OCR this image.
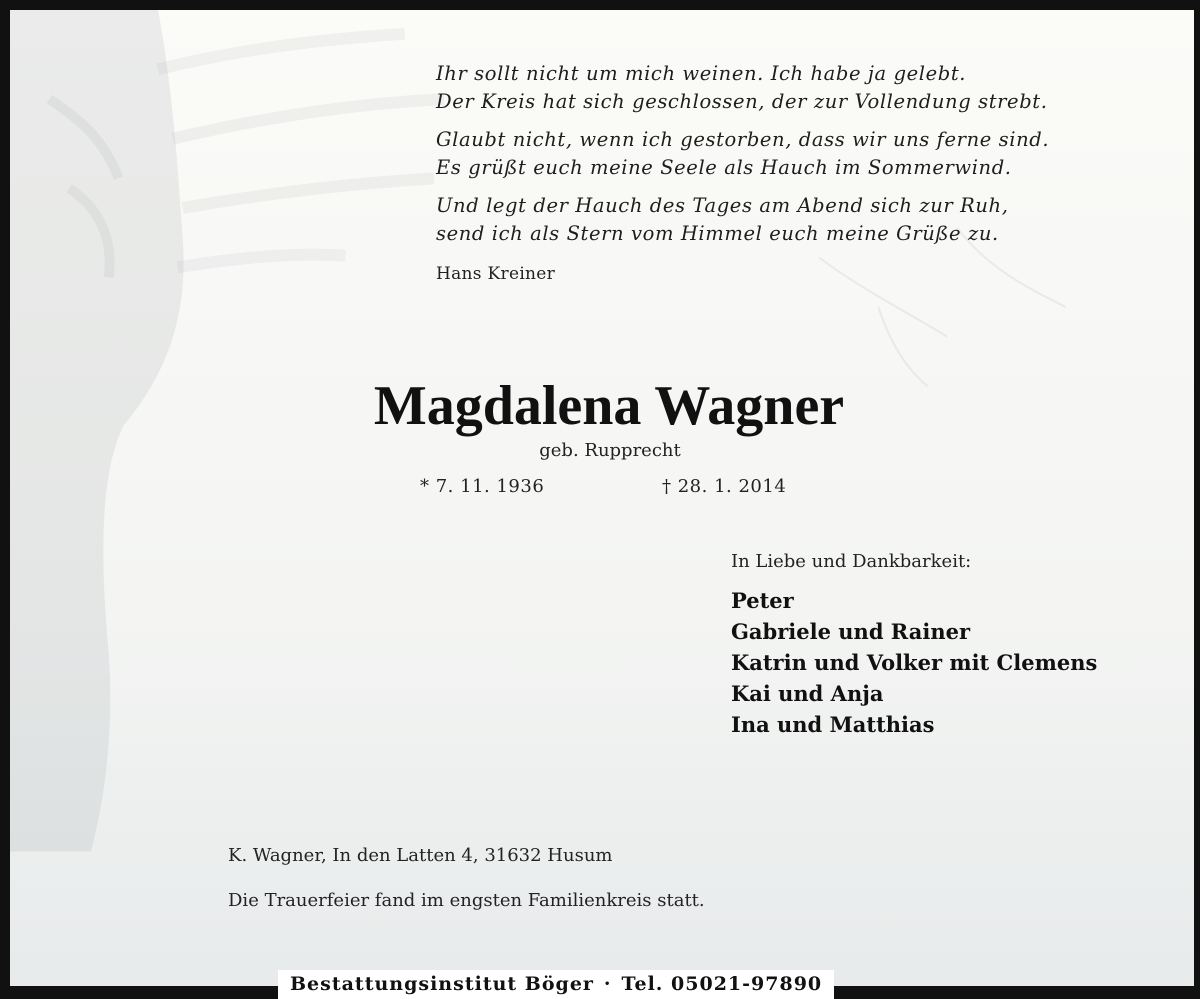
Ihr sollt nicht um mich weinen. Ich habe ja gelebt.
Der Kreis hat sich geschlossen, der zur Vollendung strebt.

Glaubt nicht, wenn ich gestorben, dass wir uns ferne sind.
Es grüßt euch meine Seele als Hauch im Sommerwind.

Und legt der Hauch des Tages am Abend sich zur Ruh,
send ich als Stern vom Himmel euch meine Grüße zu.

Hans Kreiner

Magdalena Wagner

geb. Rupprecht

* 7. 11. 1936	† 28. 1. 2014

In Liebe und Dankbarkeit:

Peter
Gabriele und Rainer
Katrin und Volker mit Clemens
Kai und Anja
Ina und Matthias

K. Wagner, In den Latten 4, 31632 Husum

Die Trauerfeier fand im engsten Familienkreis statt.

Bestattungsinstitut Böger · Tel. 05021-97890
